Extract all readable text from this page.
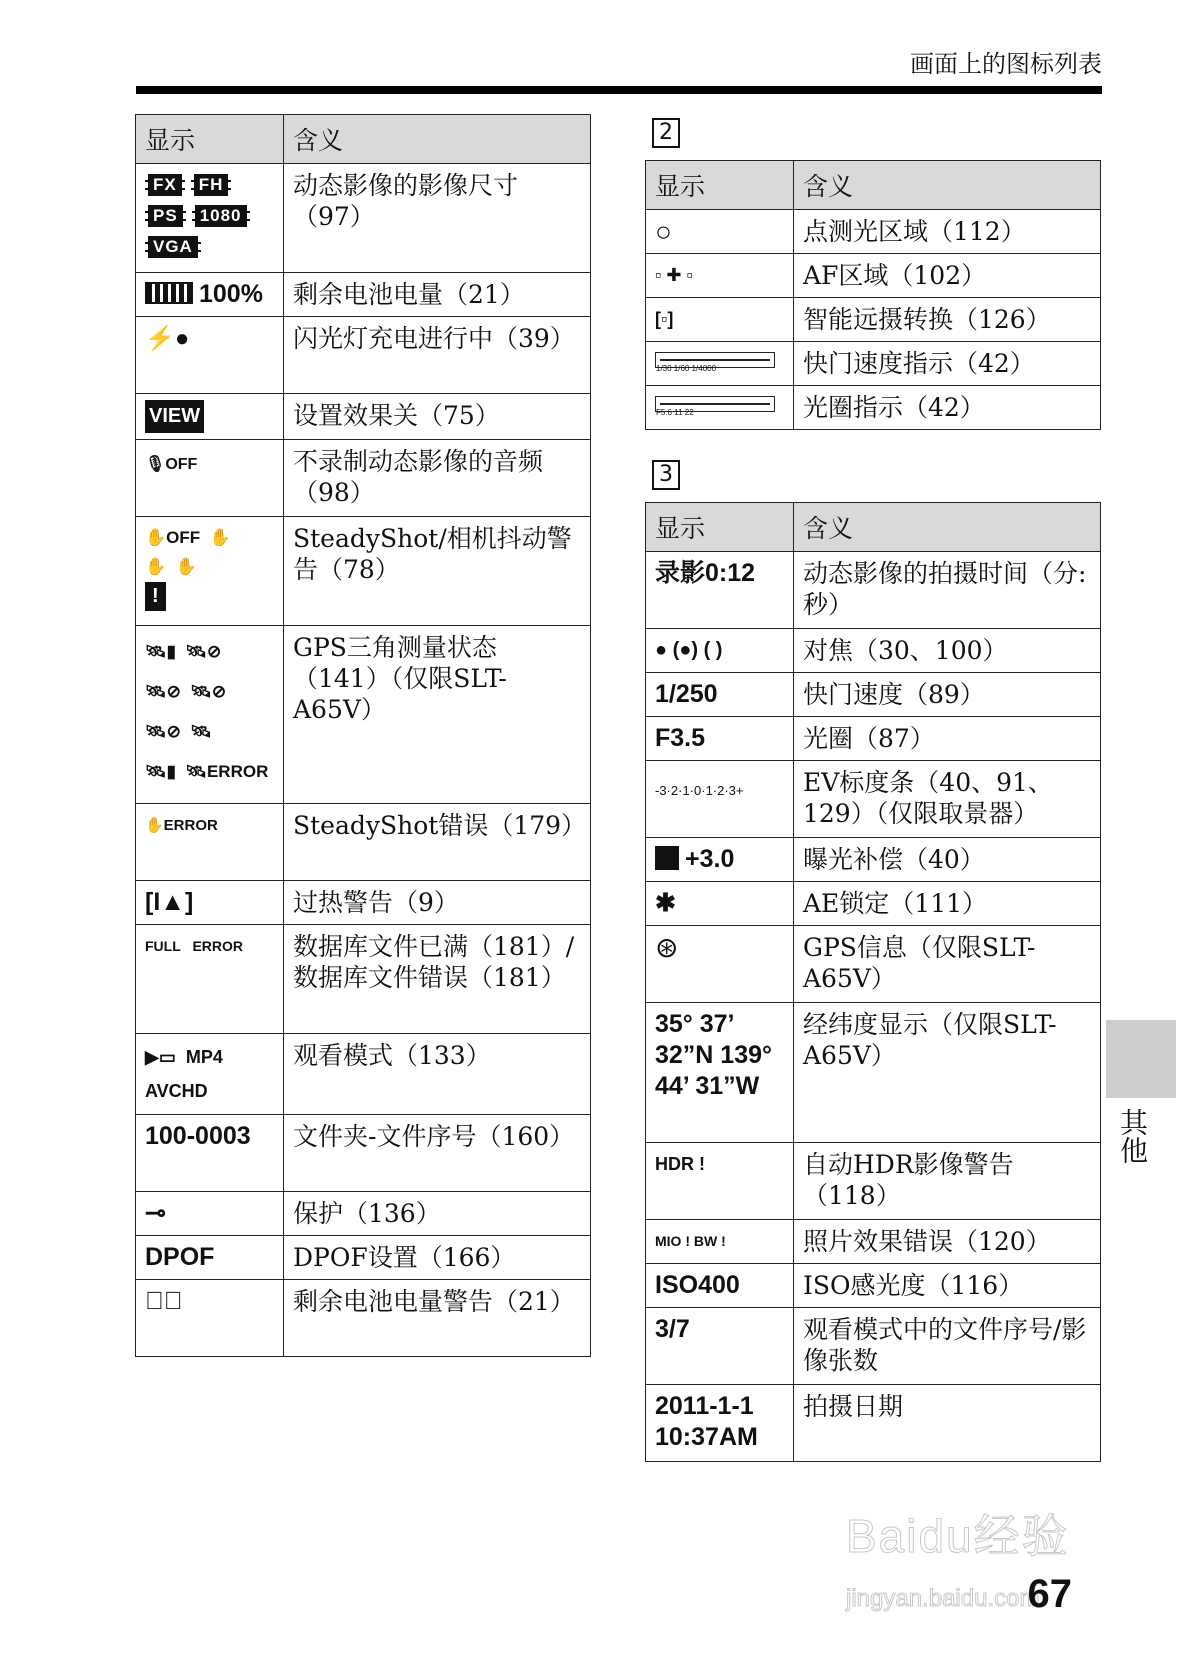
画面上的图标列表
显示	含义
FX FH
PS 1080
VGA	动态影像的影像尺寸（97）
100%	剩余电池电量（21）
⚡●	闪光灯充电进行中（39）
VIEW	设置效果关（75）
🎙OFF	不录制动态影像的音频（98）
✋OFF ✋
✋ ✋
!	SteadyShot/相机抖动警告（78）
🛰▮ 🛰⊘
🛰⊘ 🛰⊘
🛰⊘ 🛰
🛰▮ 🛰ERROR	GPS三角测量状态（141）（仅限SLT-A65V）
✋ERROR	SteadyShot错误（179）
[I▲]	过热警告（9）
FULL ERROR	数据库文件已满（181）/数据库文件错误（181）
▶▭ MP4
AVCHD	观看模式（133）
100-0003	文件夹-文件序号（160）
⊸	保护（136）
DPOF	DPOF设置（166）
▭⃥	剩余电池电量警告（21）
2
显示	含义
○	点测光区域（112）
▫ ✚ ▫	AF区域（102）
[▫]	智能远摄转换（126）

1/30 1/60 1/4000	快门速度指示（42）

F5.6 11 22	光圈指示（42）
3
显示	含义
录影0:12	动态影像的拍摄时间（分:秒）
● (●) ( )	对焦（30、100）
1/250	快门速度（89）
F3.5	光圈（87）
-3·2·1·0·1·2·3+	EV标度条（40、91、129）（仅限取景器）
+3.0	曝光补偿（40）
✱	AE锁定（111）
⊛	GPS信息（仅限SLT-A65V）
35° 37’ 32”N 139° 44’ 31”W	经纬度显示（仅限SLT-A65V）
HDR !	自动HDR影像警告（118）
MIO ! BW !	照片效果错误（120）
ISO400	ISO感光度（116）
3/7	观看模式中的文件序号/影像张数
2011-1-1 10:37AM	拍摄日期
其他
Baidu经验
jingyan.baidu.com
67
